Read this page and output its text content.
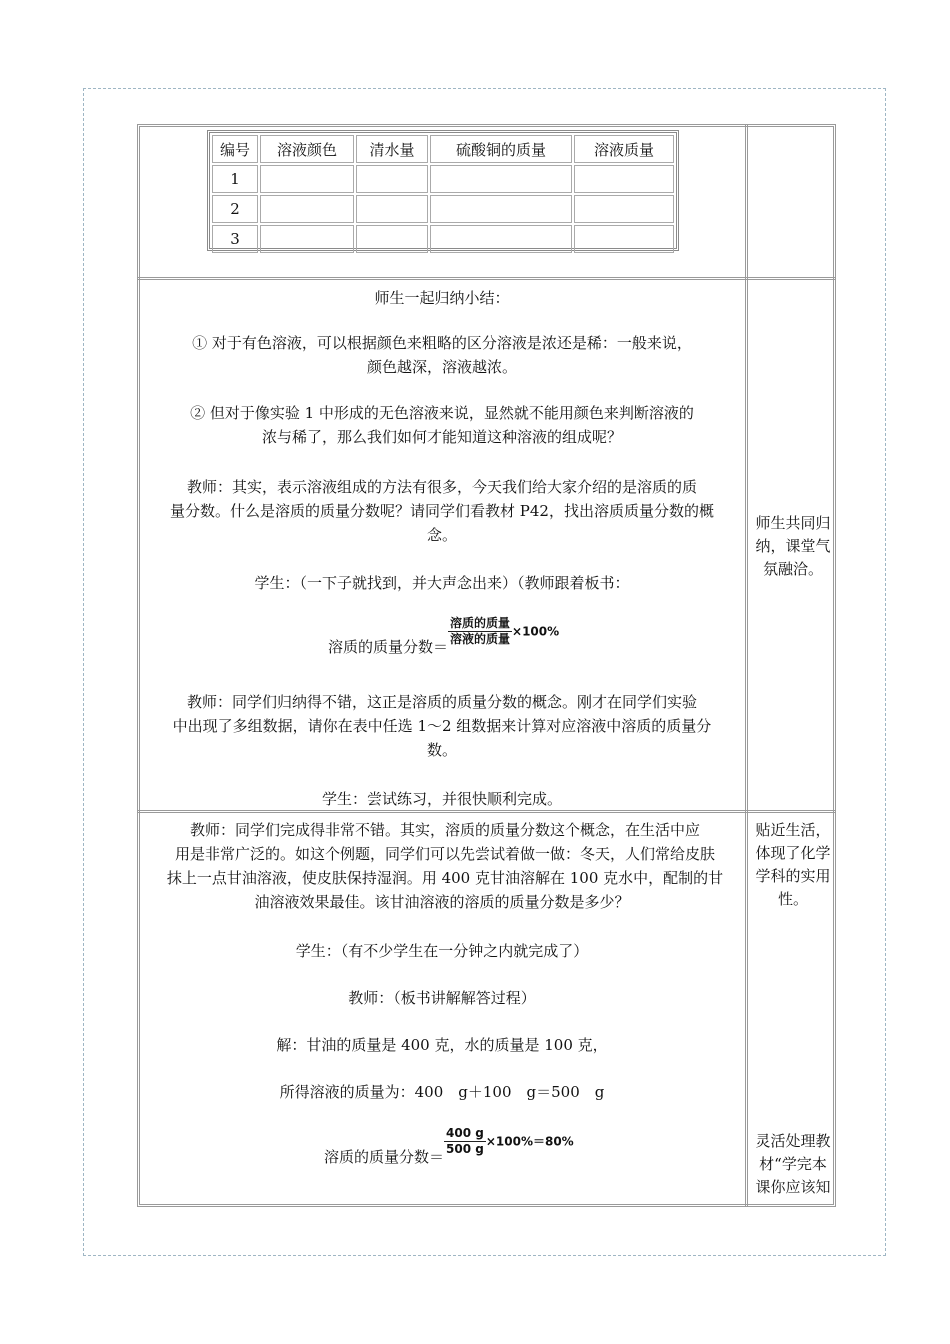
编号	溶液颜色	清水量	硫酸铜的质量	溶液质量
1				
2				
3				
师生一起归纳小结：
① 对于有色溶液，可以根据颜色来粗略的区分溶液是浓还是稀：一般来说，
颜色越深，溶液越浓。
② 但对于像实验 1 中形成的无色溶液来说，显然就不能用颜色来判断溶液的
浓与稀了，那么我们如何才能知道这种溶液的组成呢？
教师：其实，表示溶液组成的方法有很多，今天我们给大家介绍的是溶质的质
量分数。什么是溶质的质量分数呢？请同学们看教材 P42，找出溶质质量分数的概
念。
学生：（一下子就找到，并大声念出来）（教师跟着板书：
溶质的质量分数＝ $\frac{\text{溶质的质量}}{\text{溶液的质量}} \times 100\%$
教师：同学们归纳得不错，这正是溶质的质量分数的概念。刚才在同学们实验
中出现了多组数据，请你在表中任选 1～2 组数据来计算对应溶液中溶质的质量分
数。
学生：尝试练习，并很快顺利完成。
师生共同归
纳，课堂气
氛融洽。
教师：同学们完成得非常不错。其实，溶质的质量分数这个概念，在生活中应
用是非常广泛的。如这个例题，同学们可以先尝试着做一做：冬天，人们常给皮肤
抹上一点甘油溶液，使皮肤保持湿润。用 400 克甘油溶解在 100 克水中，配制的甘
油溶液效果最佳。该甘油溶液的溶质的质量分数是多少？
学生：（有不少学生在一分钟之内就完成了）
教师：（板书讲解解答过程）
解：甘油的质量是 400 克，水的质量是 100 克，
所得溶液的质量为：400　g＋100　g＝500　g
溶质的质量分数＝ $\frac{400 g}{500 g} \times 100\%=80\%$
贴近生活，
体现了化学
学科的实用
性。
灵活处理教
材“学完本
课你应该知
